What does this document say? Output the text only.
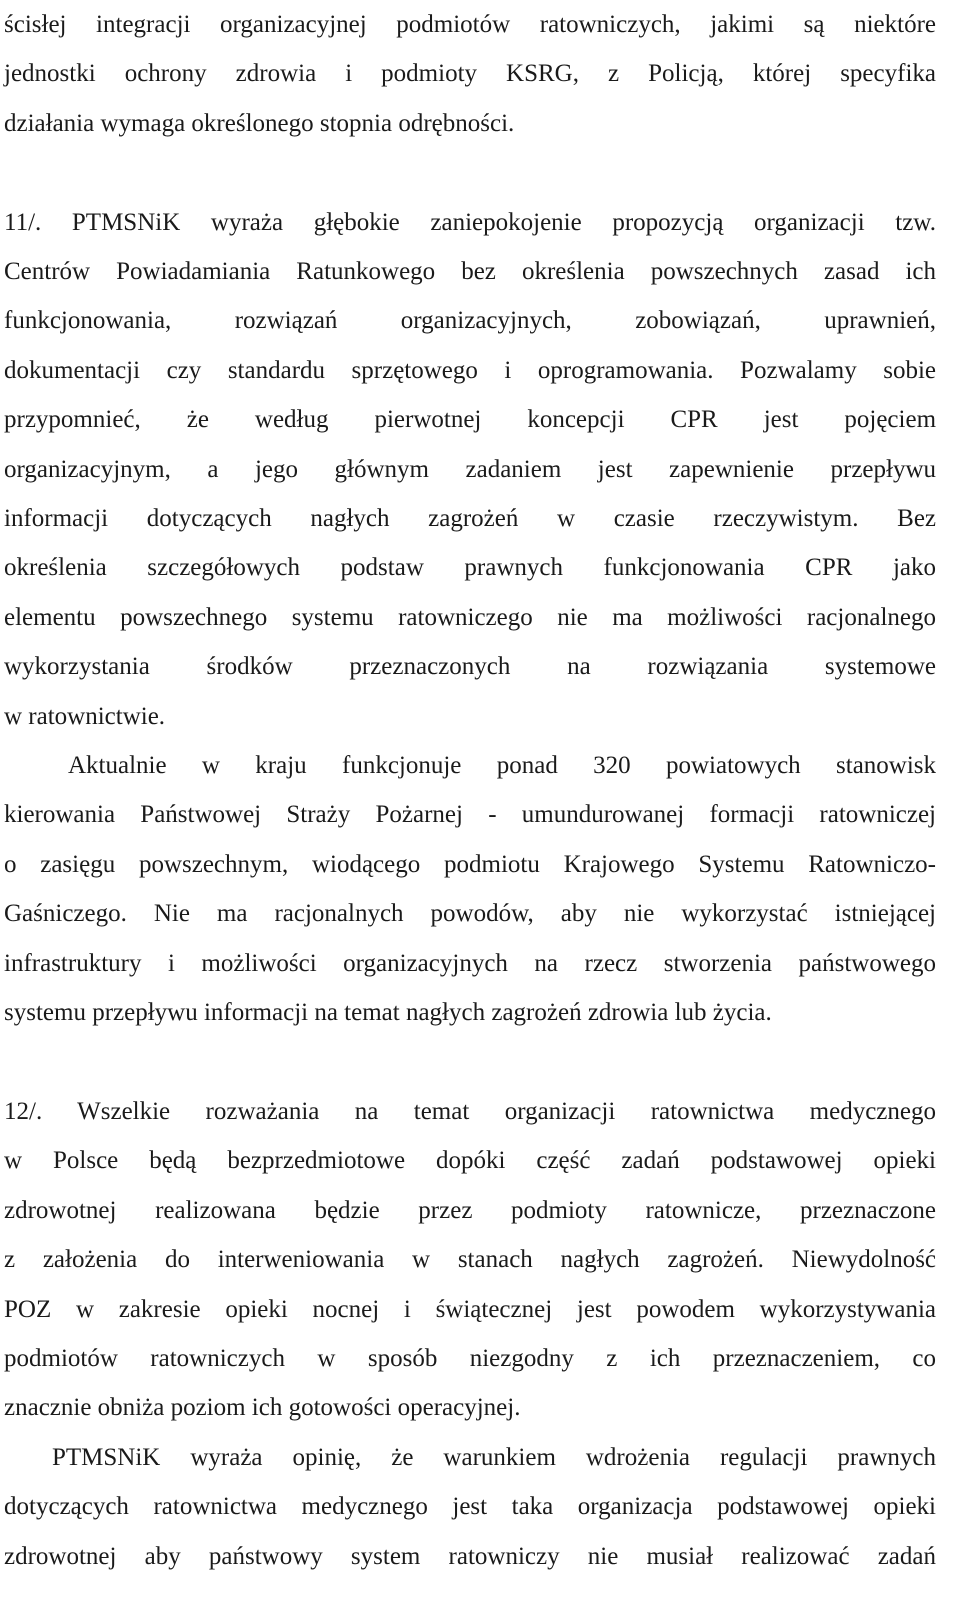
ścisłej integracji organizacyjnej podmiotów ratowniczych, jakimi są niektóre
jednostki ochrony zdrowia i podmioty KSRG, z Policją, której specyfika
działania wymaga określonego stopnia odrębności.
11/. PTMSNiK wyraża głębokie zaniepokojenie propozycją organizacji tzw.
Centrów Powiadamiania Ratunkowego bez określenia powszechnych zasad ich
funkcjonowania, rozwiązań organizacyjnych, zobowiązań, uprawnień,
dokumentacji czy standardu sprzętowego i oprogramowania. Pozwalamy sobie
przypomnieć, że według pierwotnej koncepcji CPR jest pojęciem
organizacyjnym, a jego głównym zadaniem jest zapewnienie przepływu
informacji dotyczących nagłych zagrożeń w czasie rzeczywistym. Bez
określenia szczegółowych podstaw prawnych funkcjonowania CPR jako
elementu powszechnego systemu ratowniczego nie ma możliwości racjonalnego
wykorzystania środków przeznaczonych na rozwiązania systemowe
w ratownictwie.
Aktualnie w kraju funkcjonuje ponad 320 powiatowych stanowisk
kierowania Państwowej Straży Pożarnej - umundurowanej formacji ratowniczej
o zasięgu powszechnym, wiodącego podmiotu Krajowego Systemu Ratowniczo-
Gaśniczego. Nie ma racjonalnych powodów, aby nie wykorzystać istniejącej
infrastruktury i możliwości organizacyjnych na rzecz stworzenia państwowego
systemu przepływu informacji na temat nagłych zagrożeń zdrowia lub życia.
12/. Wszelkie rozważania na temat organizacji ratownictwa medycznego
w Polsce będą bezprzedmiotowe dopóki część zadań podstawowej opieki
zdrowotnej realizowana będzie przez podmioty ratownicze, przeznaczone
z założenia do interweniowania w stanach nagłych zagrożeń. Niewydolność
POZ w zakresie opieki nocnej i świątecznej jest powodem wykorzystywania
podmiotów ratowniczych w sposób niezgodny z ich przeznaczeniem, co
znacznie obniża poziom ich gotowości operacyjnej.
PTMSNiK wyraża opinię, że warunkiem wdrożenia regulacji prawnych
dotyczących ratownictwa medycznego jest taka organizacja podstawowej opieki
zdrowotnej aby państwowy system ratowniczy nie musiał realizować zadań
